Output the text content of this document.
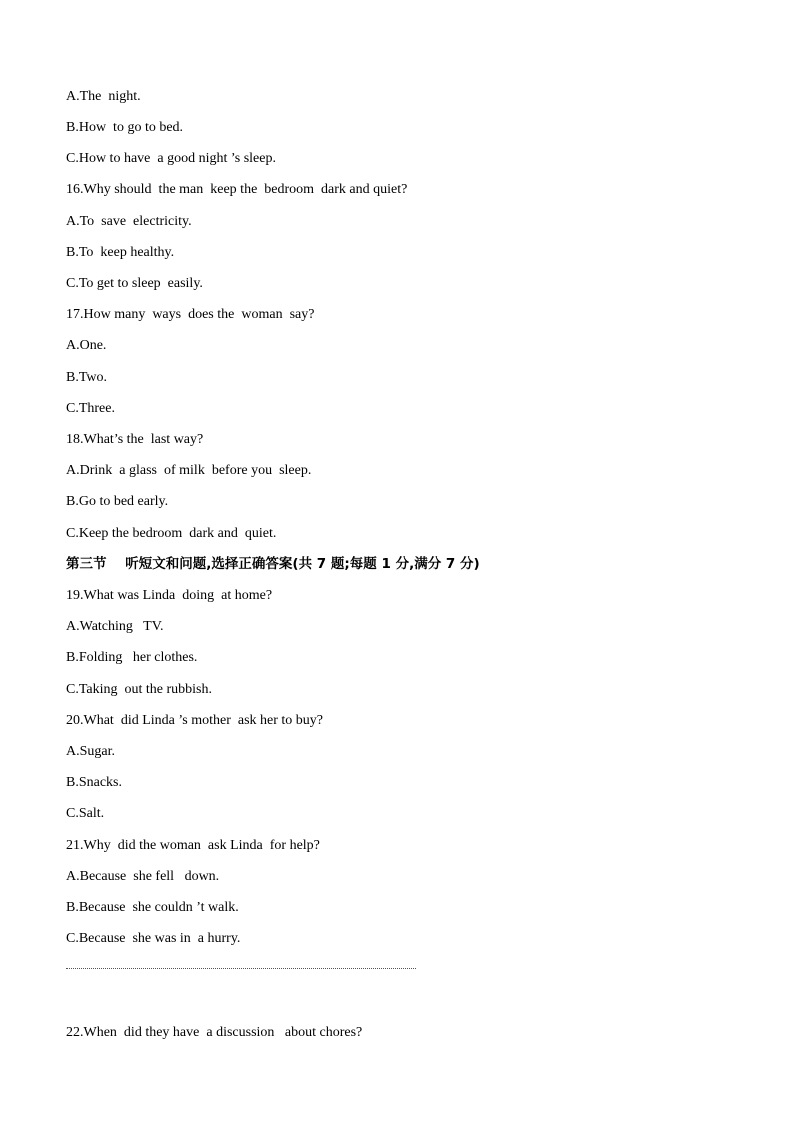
A.The  night.
B.How  to go to bed.
C.How to have  a good night ’s sleep.
16.Why should  the man  keep the  bedroom  dark and quiet?
A.To  save  electricity.
B.To  keep healthy.
C.To get to sleep  easily.
17.How many  ways  does the  woman  say?
A.One.
B.Two.
C.Three.
18.What’s the  last way?
A.Drink  a glass  of milk  before you  sleep.
B.Go to bed early.
C.Keep the bedroom  dark and  quiet.
第三节    听短文和问题,选择正确答案(共 7 题;每题 1 分,满分 7 分)
19.What was Linda  doing  at home?
A.Watching   TV.
B.Folding   her clothes.
C.Taking  out the rubbish.
20.What  did Linda ’s mother  ask her to buy?
A.Sugar.
B.Snacks.
C.Salt.
21.Why  did the woman  ask Linda  for help?
A.Because  she fell   down.
B.Because  she couldn ’t walk.
C.Because  she was in  a hurry.
22.When  did they have  a discussion   about chores?
